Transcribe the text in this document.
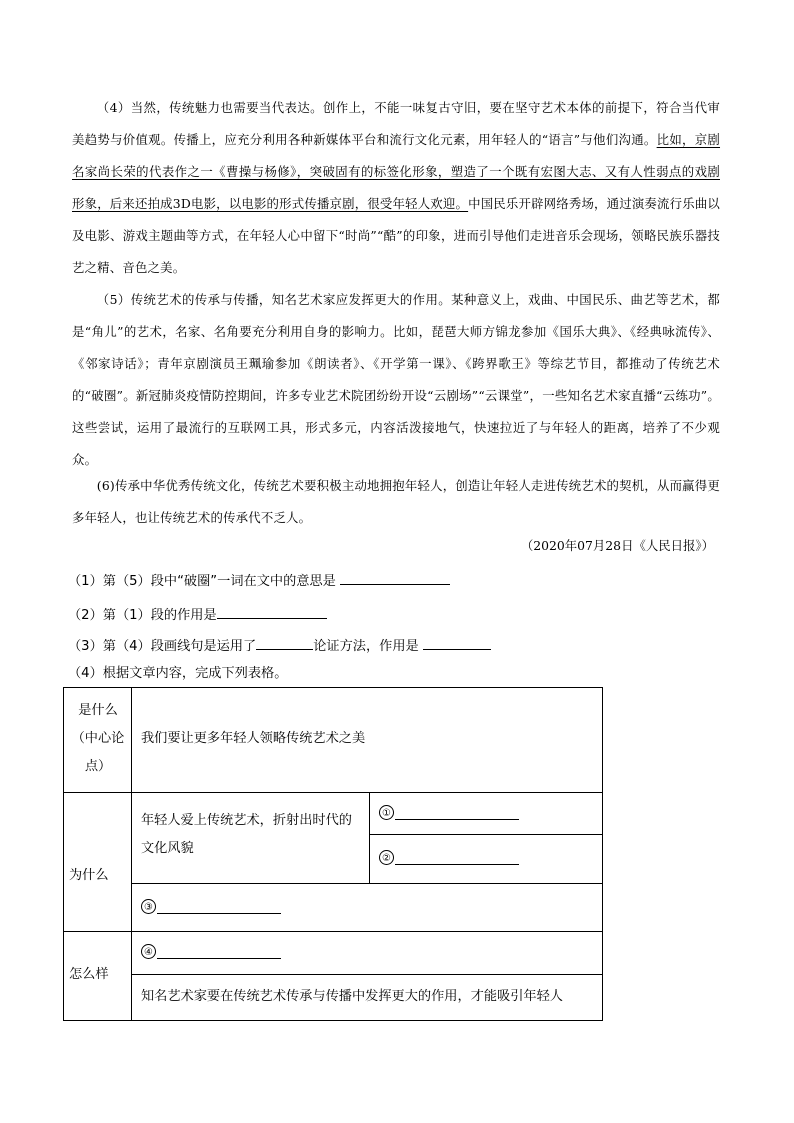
（4）当然，传统魅力也需要当代表达。创作上，不能一味复古守旧，要在坚守艺术本体的前提下，符合当代审美趋势与价值观。传播上，应充分利用各种新媒体平台和流行文化元素，用年轻人的“语言”与他们沟通。比如，京剧名家尚长荣的代表作之一《曹操与杨修》，突破固有的标签化形象，塑造了一个既有宏图大志、又有人性弱点的戏剧形象，后来还拍成3D电影，以电影的形式传播京剧，很受年轻人欢迎。中国民乐开辟网络秀场，通过演奏流行乐曲以及电影、游戏主题曲等方式，在年轻人心中留下“时尚”“酷”的印象，进而引导他们走进音乐会现场，领略民族乐器技艺之精、音色之美。

（5）传统艺术的传承与传播，知名艺术家应发挥更大的作用。某种意义上，戏曲、中国民乐、曲艺等艺术，都是“角儿”的艺术，名家、名角要充分利用自身的影响力。比如，琵琶大师方锦龙参加《国乐大典》、《经典咏流传》、《邻家诗话》；青年京剧演员王珮瑜参加《朗读者》、《开学第一课》、《跨界歌王》等综艺节目，都推动了传统艺术的“破圈”。新冠肺炎疫情防控期间，许多专业艺术院团纷纷开设“云剧场”“云课堂”，一些知名艺术家直播“云练功”。这些尝试，运用了最流行的互联网工具，形式多元，内容活泼接地气，快速拉近了与年轻人的距离，培养了不少观众。

(6)传承中华优秀传统文化，传统艺术要积极主动地拥抱年轻人，创造让年轻人走进传统艺术的契机，从而赢得更多年轻人，也让传统艺术的传承代不乏人。

（2020年07月28日《人民日报》）
（1）第（5）段中“破圈”一词在文中的意思是
（2）第（1）段的作用是
（3）第（4）段画线句是运用了	论证方法，作用是
（4）根据文章内容，完成下列表格。
是什么（中心论点）
我们要让更多年轻人领略传统艺术之美
为什么
年轻人爱上传统艺术，折射出时代的文化风貌
①
②
③
怎么样
④
知名艺术家要在传统艺术传承与传播中发挥更大的作用，才能吸引年轻人
